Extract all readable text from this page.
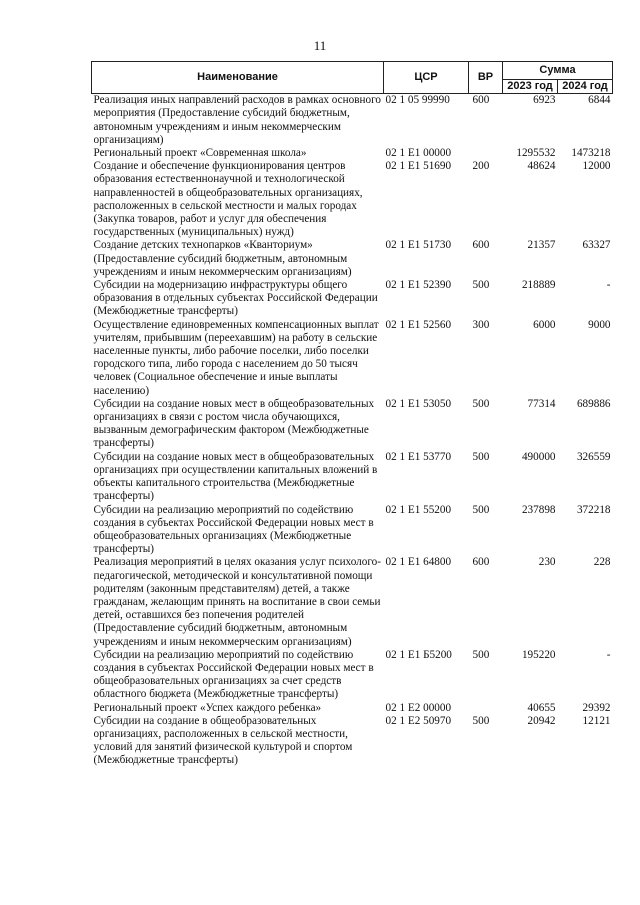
11
Наименование	ЦСР	ВР	Сумма	
			2023 год	2024 год
Реализация иных направлений расходов в рамках основного мероприятия (Предоставление субсидий бюджетным, автономным учреждениям и иным некоммерческим организациям)	02 1 05 99990	600	6923	6844
Региональный проект «Современная школа»	02 1 E1 00000		1295532	1473218
Создание и обеспечение функционирования центров образования естественнонаучной и технологической направленностей в общеобразовательных организациях, расположенных в сельской местности и малых городах (Закупка товаров, работ и услуг для обеспечения государственных (муниципальных) нужд)	02 1 E1 51690	200	48624	12000
Создание детских технопарков «Кванториум» (Предоставление субсидий бюджетным, автономным учреждениям и иным некоммерческим организациям)	02 1 E1 51730	600	21357	63327
Субсидии на модернизацию инфраструктуры общего образования в отдельных субъектах Российской Федерации (Межбюджетные трансферты)	02 1 E1 52390	500	218889	-
Осуществление единовременных компенсационных выплат учителям, прибывшим (переехавшим) на работу в сельские населенные пункты, либо рабочие поселки, либо поселки городского типа, либо города с населением до 50 тысяч человек (Социальное обеспечение и иные выплаты населению)	02 1 E1 52560	300	6000	9000
Субсидии на создание новых мест в общеобразовательных организациях в связи с ростом числа обучающихся, вызванным демографическим фактором (Межбюджетные трансферты)	02 1 E1 53050	500	77314	689886
Субсидии на создание новых мест в общеобразовательных организациях при осуществлении капитальных вложений в объекты капитального строительства (Межбюджетные трансферты)	02 1 E1 53770	500	490000	326559
Субсидии на реализацию мероприятий по содействию создания в субъектах Российской Федерации новых мест в общеобразовательных организациях (Межбюджетные трансферты)	02 1 E1 55200	500	237898	372218
Реализация мероприятий в целях оказания услуг психолого-педагогической, методической и консультативной помощи родителям (законным представителям) детей, а также гражданам, желающим принять на воспитание в свои семьи детей, оставшихся без попечения родителей (Предоставление субсидий бюджетным, автономным учреждениям и иным некоммерческим организациям)	02 1 E1 64800	600	230	228
Субсидии на реализацию мероприятий по содействию создания в субъектах Российской Федерации новых мест в общеобразовательных организациях за счет средств областного бюджета (Межбюджетные трансферты)	02 1 E1 Б5200	500	195220	-
Региональный проект «Успех каждого ребенка»	02 1 E2 00000		40655	29392
Субсидии на создание в общеобразовательных организациях, расположенных в сельской местности, условий для занятий физической культурой и спортом (Межбюджетные трансферты)	02 1 E2 50970	500	20942	12121
